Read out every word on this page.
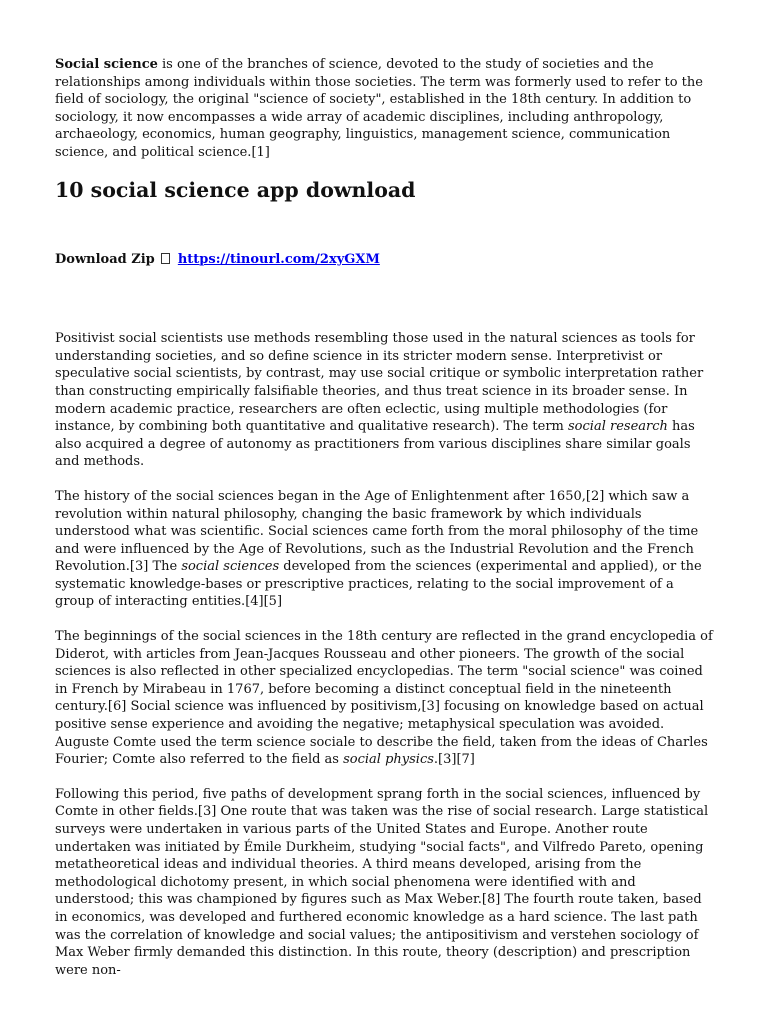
Social science is one of the branches of science, devoted to the study of societies and the relationships among individuals within those societies. The term was formerly used to refer to the field of sociology, the original "science of society", established in the 18th century. In addition to sociology, it now encompasses a wide array of academic disciplines, including anthropology, archaeology, economics, human geography, linguistics, management science, communication science, and political science.[1]

10 social science app download
Download Zip https://tinourl.com/2xyGXM

Positivist social scientists use methods resembling those used in the natural sciences as tools for understanding societies, and so define science in its stricter modern sense. Interpretivist or speculative social scientists, by contrast, may use social critique or symbolic interpretation rather than constructing empirically falsifiable theories, and thus treat science in its broader sense. In modern academic practice, researchers are often eclectic, using multiple methodologies (for instance, by combining both quantitative and qualitative research). The term social research has also acquired a degree of autonomy as practitioners from various disciplines share similar goals and methods.

The history of the social sciences began in the Age of Enlightenment after 1650,[2] which saw a revolution within natural philosophy, changing the basic framework by which individuals understood what was scientific. Social sciences came forth from the moral philosophy of the time and were influenced by the Age of Revolutions, such as the Industrial Revolution and the French Revolution.[3] The social sciences developed from the sciences (experimental and applied), or the systematic knowledge-bases or prescriptive practices, relating to the social improvement of a group of interacting entities.[4][5]

The beginnings of the social sciences in the 18th century are reflected in the grand encyclopedia of Diderot, with articles from Jean-Jacques Rousseau and other pioneers. The growth of the social sciences is also reflected in other specialized encyclopedias. The term "social science" was coined in French by Mirabeau in 1767, before becoming a distinct conceptual field in the nineteenth century.[6] Social science was influenced by positivism,[3] focusing on knowledge based on actual positive sense experience and avoiding the negative; metaphysical speculation was avoided. Auguste Comte used the term science sociale to describe the field, taken from the ideas of Charles Fourier; Comte also referred to the field as social physics.[3][7]

Following this period, five paths of development sprang forth in the social sciences, influenced by Comte in other fields.[3] One route that was taken was the rise of social research. Large statistical surveys were undertaken in various parts of the United States and Europe. Another route undertaken was initiated by Émile Durkheim, studying "social facts", and Vilfredo Pareto, opening metatheoretical ideas and individual theories. A third means developed, arising from the methodological dichotomy present, in which social phenomena were identified with and understood; this was championed by figures such as Max Weber.[8] The fourth route taken, based in economics, was developed and furthered economic knowledge as a hard science. The last path was the correlation of knowledge and social values; the antipositivism and verstehen sociology of Max Weber firmly demanded this distinction. In this route, theory (description) and prescription were non-
